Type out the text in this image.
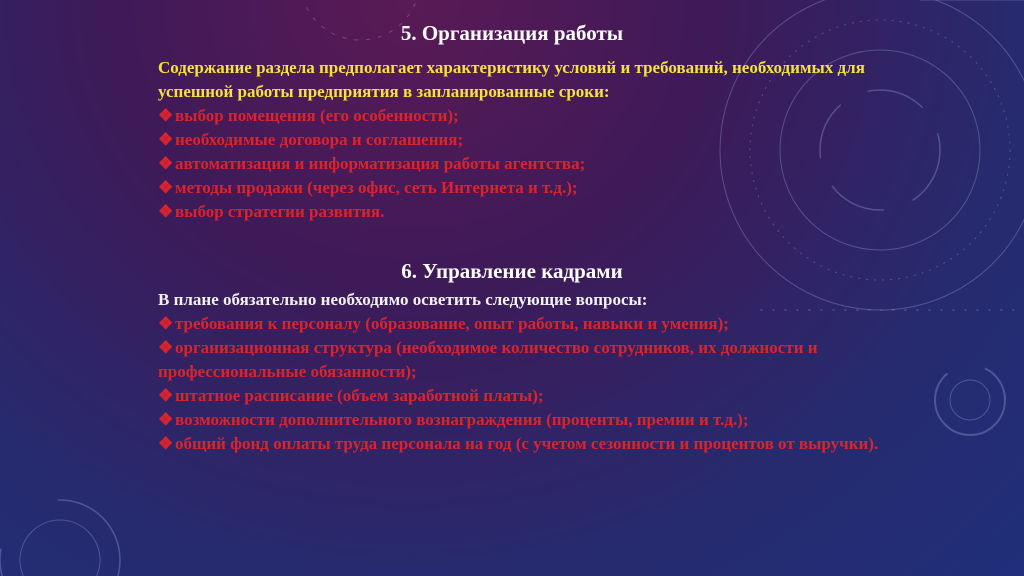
5. Организация работы
Содержание раздела предполагает характеристику условий и требований, необходимых для успешной работы предприятия в запланированные сроки:
❖ выбор помещения (его особенности);
❖ необходимые договора и соглашения;
❖ автоматизация и информатизация работы агентства;
❖ методы продажи (через офис, сеть Интернета и т.д.);
❖ выбор стратегии развития.
6. Управление кадрами
В плане обязательно необходимо осветить следующие вопросы:
❖ требования к персоналу (образование, опыт работы, навыки и умения);
❖ организационная структура (необходимое количество сотрудников, их должности и профессиональные обязанности);
❖ штатное расписание (объем заработной платы);
❖ возможности дополнительного вознаграждения (проценты, премии и т.д.);
❖ общий фонд оплаты труда персонала на год (с учетом сезонности и процентов от выручки).
